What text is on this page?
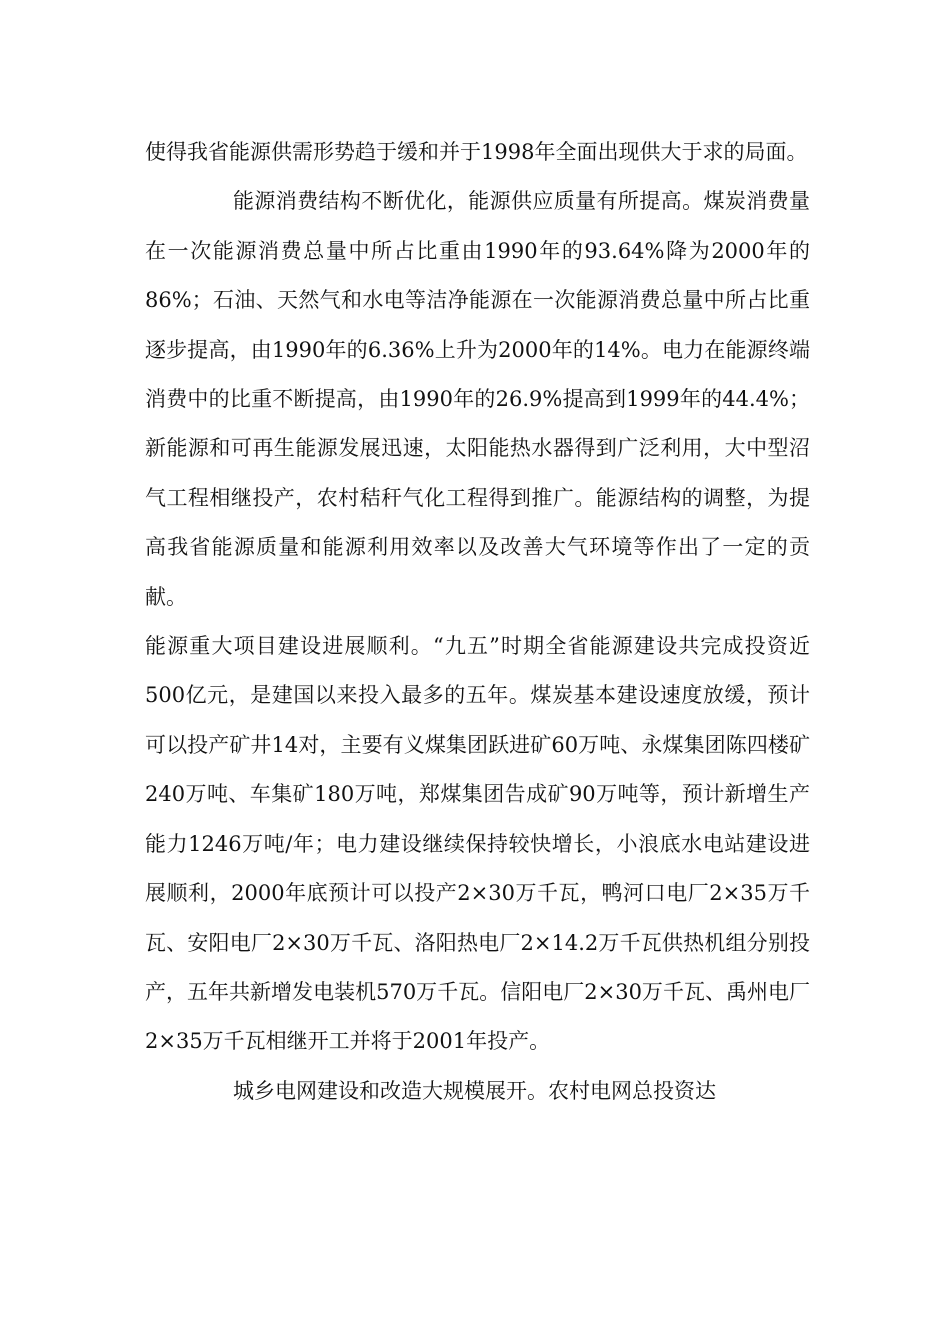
使得我省能源供需形势趋于缓和并于1998年全面出现供大于求的局面。

能源消费结构不断优化，能源供应质量有所提高。煤炭消费量在一次能源消费总量中所占比重由1990年的93.64%降为2000年的86%；石油、天然气和水电等洁净能源在一次能源消费总量中所占比重逐步提高，由1990年的6.36%上升为2000年的14%。电力在能源终端消费中的比重不断提高，由1990年的26.9%提高到1999年的44.4%；新能源和可再生能源发展迅速，太阳能热水器得到广泛利用，大中型沼气工程相继投产，农村秸秆气化工程得到推广。能源结构的调整，为提高我省能源质量和能源利用效率以及改善大气环境等作出了一定的贡献。

能源重大项目建设进展顺利。“九五”时期全省能源建设共完成投资近500亿元，是建国以来投入最多的五年。煤炭基本建设速度放缓，预计可以投产矿井14对，主要有义煤集团跃进矿60万吨、永煤集团陈四楼矿240万吨、车集矿180万吨，郑煤集团告成矿90万吨等，预计新增生产能力1246万吨/年；电力建设继续保持较快增长，小浪底水电站建设进展顺利，2000年底预计可以投产2×30万千瓦，鸭河口电厂2×35万千瓦、安阳电厂2×30万千瓦、洛阳热电厂2×14.2万千瓦供热机组分别投产，五年共新增发电装机570万千瓦。信阳电厂2×30万千瓦、禹州电厂2×35万千瓦相继开工并将于2001年投产。

城乡电网建设和改造大规模展开。农村电网总投资达
